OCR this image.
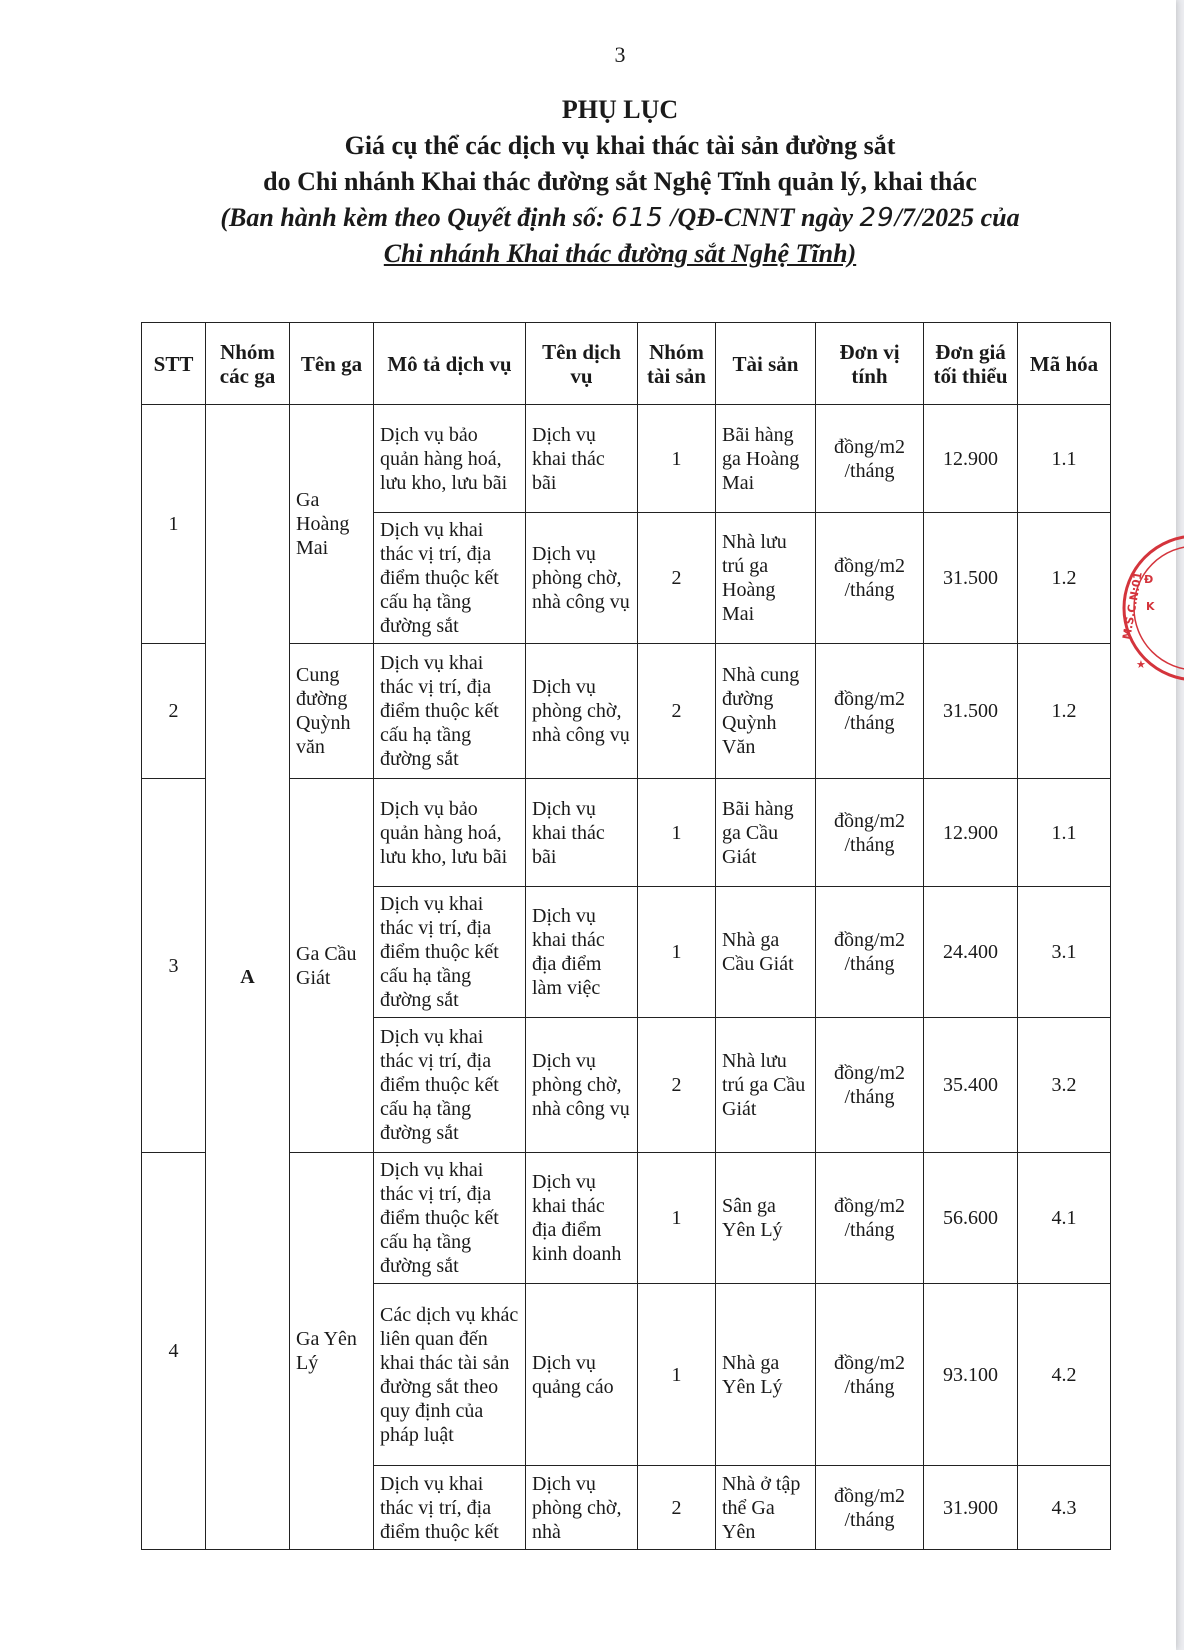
3
PHỤ LỤC
Giá cụ thể các dịch vụ khai thác tài sản đường sắt
do Chi nhánh Khai thác đường sắt Nghệ Tĩnh quản lý, khai thác
(Ban hành kèm theo Quyết định số: 615 /QĐ-CNNT ngày 29/7/2025 của
Chi nhánh Khai thác đường sắt Nghệ Tĩnh)
STT	Nhóm các ga	Tên ga	Mô tả dịch vụ	Tên dịch vụ	Nhóm tài sản	Tài sản	Đơn vị tính	Đơn giá tối thiểu	Mã hóa
1	A	Ga Hoàng Mai	Dịch vụ bảo quản hàng hoá, lưu kho, lưu bãi	Dịch vụ khai thác bãi	1	Bãi hàng ga Hoàng Mai	đồng/m2 /tháng	12.900	1.1
			Dịch vụ khai thác vị trí, địa điểm thuộc kết cấu hạ tầng đường sắt	Dịch vụ phòng chờ, nhà công vụ	2	Nhà lưu trú ga Hoàng Mai	đồng/m2 /tháng	31.500	1.2
2		Cung đường Quỳnh văn	Dịch vụ khai thác vị trí, địa điểm thuộc kết cấu hạ tầng đường sắt	Dịch vụ phòng chờ, nhà công vụ	2	Nhà cung đường Quỳnh Văn	đồng/m2 /tháng	31.500	1.2
3		Ga Cầu Giát	Dịch vụ bảo quản hàng hoá, lưu kho, lưu bãi	Dịch vụ khai thác bãi	1	Bãi hàng ga Cầu Giát	đồng/m2 /tháng	12.900	1.1
			Dịch vụ khai thác vị trí, địa điểm thuộc kết cấu hạ tầng đường sắt	Dịch vụ khai thác địa điểm làm việc	1	Nhà ga Cầu Giát	đồng/m2 /tháng	24.400	3.1
			Dịch vụ khai thác vị trí, địa điểm thuộc kết cấu hạ tầng đường sắt	Dịch vụ phòng chờ, nhà công vụ	2	Nhà lưu trú ga Cầu Giát	đồng/m2 /tháng	35.400	3.2
4		Ga Yên Lý	Dịch vụ khai thác vị trí, địa điểm thuộc kết cấu hạ tầng đường sắt	Dịch vụ khai thác địa điểm kinh doanh	1	Sân ga Yên Lý	đồng/m2 /tháng	56.600	4.1
			Các dịch vụ khác liên quan đến khai thác tài sản đường sắt theo quy định của pháp luật	Dịch vụ quảng cáo	1	Nhà ga Yên Lý	đồng/m2 /tháng	93.100	4.2
			Dịch vụ khai thác vị trí, địa điểm thuộc kết	Dịch vụ phòng chờ, nhà	2	Nhà ở tập thể Ga Yên	đồng/m2 /tháng	31.900	4.3
M.S.C.N:01
★
Đ
K
